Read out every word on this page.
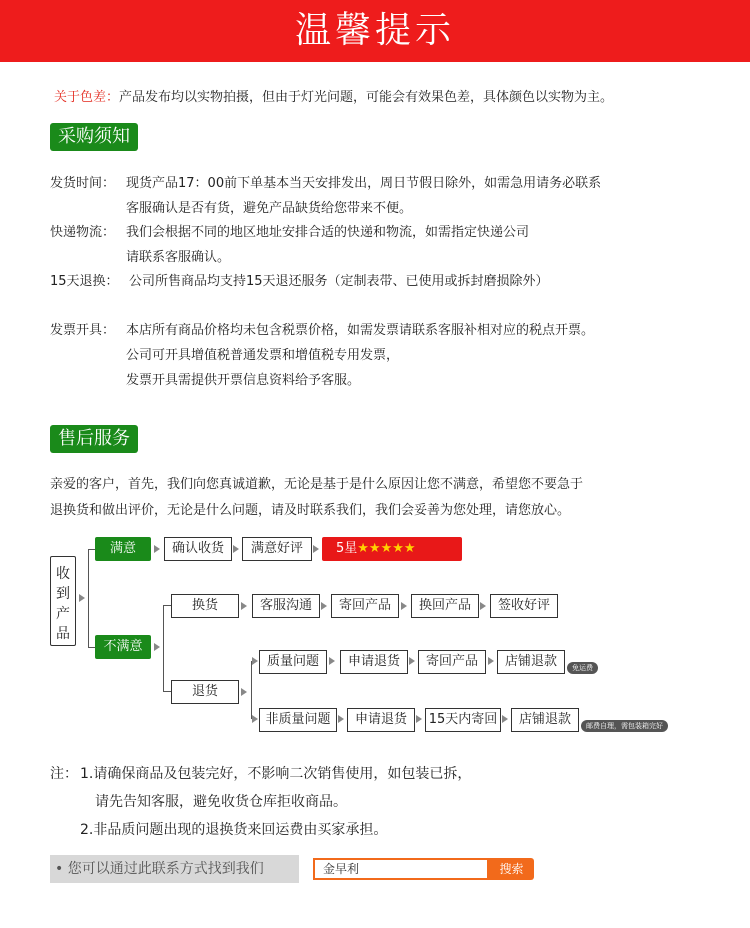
温馨提示
关于色差：产品发布均以实物拍摄，但由于灯光问题，可能会有效果色差，具体颜色以实物为主。
采购须知
发货时间： 现货产品17：00前下单基本当天安排发出，周日节假日除外，如需急用请务必联系
客服确认是否有货，避免产品缺货给您带来不便。
快递物流： 我们会根据不同的地区地址安排合适的快递和物流，如需指定快递公司
请联系客服确认。
15天退换： 公司所售商品均支持15天退还服务（定制表带、已使用或拆封磨损除外）
发票开具： 本店所有商品价格均未包含税票价格，如需发票请联系客服补相对应的税点开票。
公司可开具增值税普通发票和增值税专用发票，
发票开具需提供开票信息资料给予客服。
售后服务
亲爱的客户，首先，我们向您真诚道歉，无论是基于是什么原因让您不满意，希望您不要急于
退换货和做出评价，无论是什么问题，请及时联系我们，我们会妥善为您处理，请您放心。
收到产品
满意	确认收货	满意好评	5星★★★★★
不满意
换货	客服沟通	寄回产品	换回产品	签收好评
退货
质量问题	申请退货	寄回产品	店铺退款	免运费
非质量问题	申请退货	15天内寄回	店铺退款	邮费自理，需包装箱完好
注： 1.请确保商品及包装完好，不影响二次销售使用，如包装已拆，
请先告知客服，避免收货仓库拒收商品。
2.非品质问题出现的退换货来回运费由买家承担。
• 您可以通过此联系方式找到我们	金早利	搜索
